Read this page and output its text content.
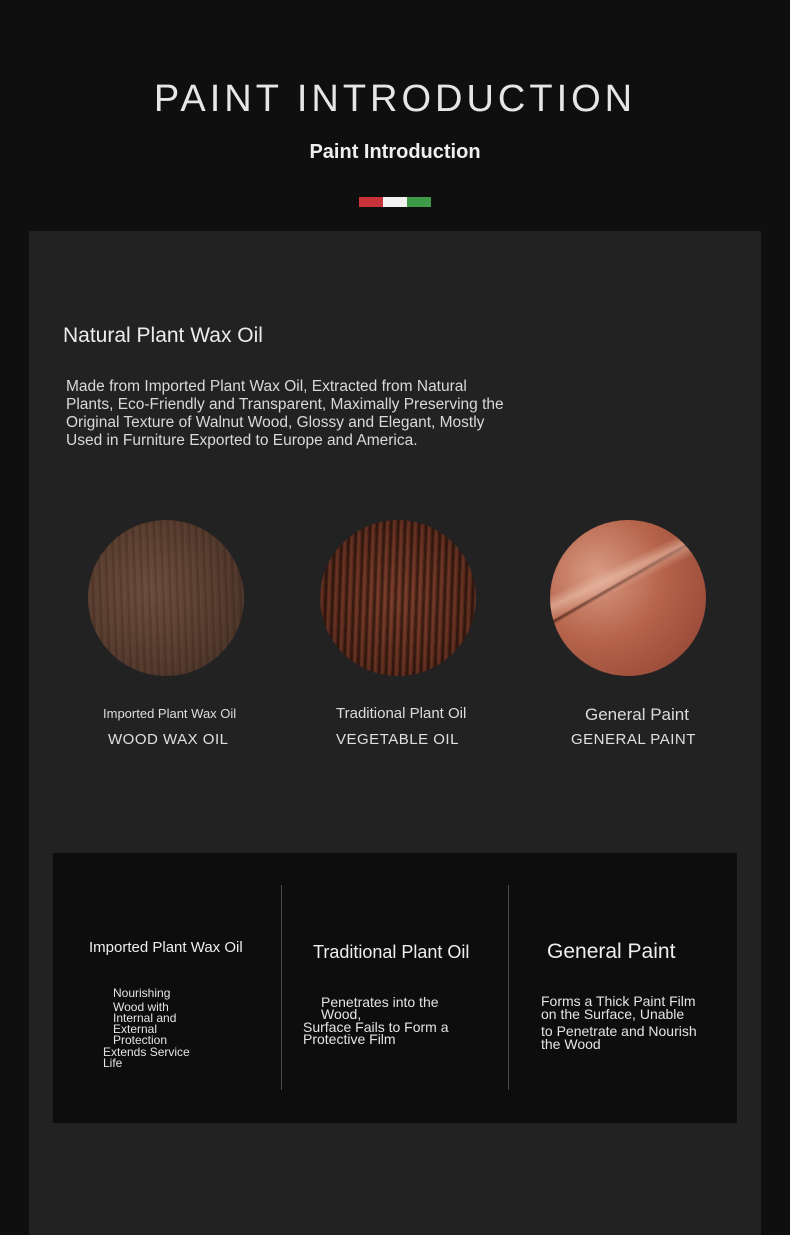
PAINT INTRODUCTION
Paint Introduction
Natural Plant Wax Oil

Made from Imported Plant Wax Oil, Extracted from Natural Plants, Eco-Friendly and Transparent, Maximally Preserving the Original Texture of Walnut Wood, Glossy and Elegant, Mostly Used in Furniture Exported to Europe and America.

Imported Plant Wax Oil
WOOD WAX OIL
Traditional Plant Oil
VEGETABLE OIL
General Paint
GENERAL PAINT
Imported Plant Wax Oil
Nourishing
Wood with
Internal and
External
Protection
Extends Service
Life
Traditional Plant Oil
Penetrates into the
Wood,
Surface Fails to Form a
Protective Film
General Paint
Forms a Thick Paint Film
on the Surface, Unable
to Penetrate and Nourish
the Wood
